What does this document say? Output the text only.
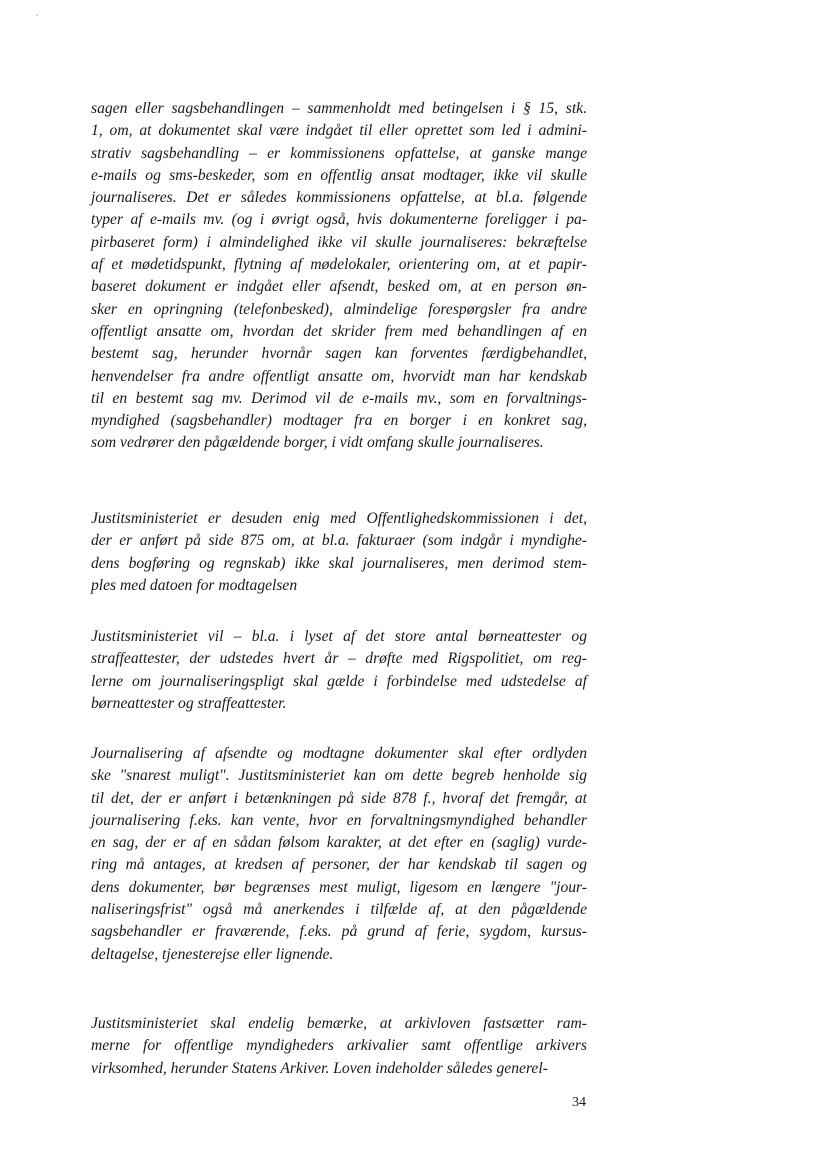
sagen eller sagsbehandlingen – sammenholdt med betingelsen i § 15, stk.
1, om, at dokumentet skal være indgået til eller oprettet som led i admini-
strativ sagsbehandling – er kommissionens opfattelse, at ganske mange
e-mails og sms-beskeder, som en offentlig ansat modtager, ikke vil skulle
journaliseres. Det er således kommissionens opfattelse, at bl.a. følgende
typer af e-mails mv. (og i øvrigt også, hvis dokumenterne foreligger i pa-
pirbaseret form) i almindelighed ikke vil skulle journaliseres: bekræftelse
af et mødetidspunkt, flytning af mødelokaler, orientering om, at et papir-
baseret dokument er indgået eller afsendt, besked om, at en person øn-
sker en opringning (telefonbesked), almindelige forespørgsler fra andre
offentligt ansatte om, hvordan det skrider frem med behandlingen af en
bestemt sag, herunder hvornår sagen kan forventes færdigbehandlet,
henvendelser fra andre offentligt ansatte om, hvorvidt man har kendskab
til en bestemt sag mv. Derimod vil de e-mails mv., som en forvaltnings-
myndighed (sagsbehandler) modtager fra en borger i en konkret sag,
som vedrører den pågældende borger, i vidt omfang skulle journaliseres.
Justitsministeriet er desuden enig med Offentlighedskommissionen i det,
der er anført på side 875 om, at bl.a. fakturaer (som indgår i myndighe-
dens bogføring og regnskab) ikke skal journaliseres, men derimod stem-
ples med datoen for modtagelsen
Justitsministeriet vil – bl.a. i lyset af det store antal børneattester og
straffeattester, der udstedes hvert år – drøfte med Rigspolitiet, om reg-
lerne om journaliseringspligt skal gælde i forbindelse med udstedelse af
børneattester og straffeattester.
Journalisering af afsendte og modtagne dokumenter skal efter ordlyden
ske "snarest muligt". Justitsministeriet kan om dette begreb henholde sig
til det, der er anført i betænkningen på side 878 f., hvoraf det fremgår, at
journalisering f.eks. kan vente, hvor en forvaltningsmyndighed behandler
en sag, der er af en sådan følsom karakter, at det efter en (saglig) vurde-
ring må antages, at kredsen af personer, der har kendskab til sagen og
dens dokumenter, bør begrænses mest muligt, ligesom en længere "jour-
naliseringsfrist" også må anerkendes i tilfælde af, at den pågældende
sagsbehandler er fraværende, f.eks. på grund af ferie, sygdom, kursus-
deltagelse, tjenesterejse eller lignende.
Justitsministeriet skal endelig bemærke, at arkivloven fastsætter ram-
merne for offentlige myndigheders arkivalier samt offentlige arkivers
virksomhed, herunder Statens Arkiver. Loven indeholder således generel-
34
